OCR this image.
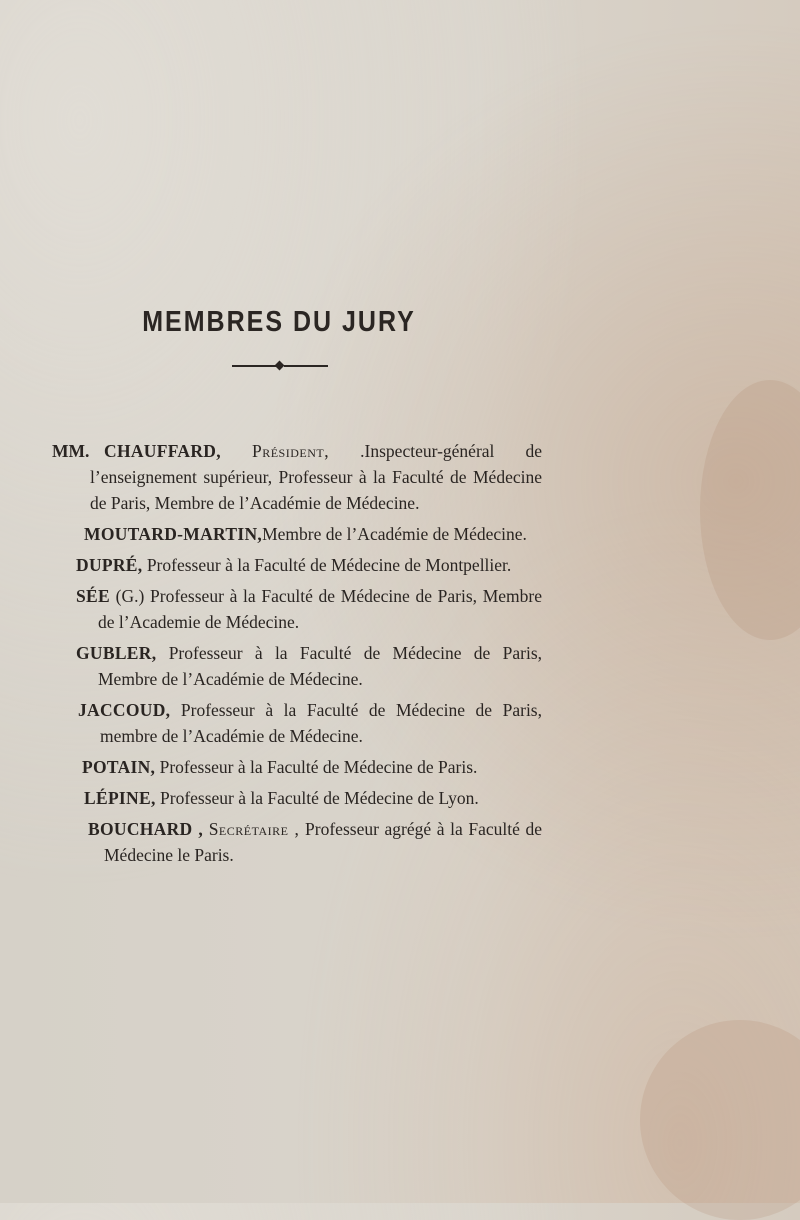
MEMBRES DU JURY
MM. CHAUFFARD, Président, .Inspecteur-général de l’enseignement supérieur, Professeur à la Faculté de Médecine de Paris, Membre de l’Académie de Médecine.
MOUTARD-MARTIN,Membre de l’Académie de Médecine.
DUPRÉ, Professeur à la Faculté de Médecine de Montpellier.
SÉE (G.) Professeur à la Faculté de Médecine de Paris, Membre de l’Academie de Médecine.
GUBLER, Professeur à la Faculté de Médecine de Paris, Membre de l’Académie de Médecine.
JACCOUD, Professeur à la Faculté de Médecine de Paris, membre de l’Académie de Médecine.
POTAIN, Professeur à la Faculté de Médecine de Paris.
LÉPINE, Professeur à la Faculté de Médecine de Lyon.
BOUCHARD , Secrétaire , Professeur agrégé à la Faculté de Médecine le Paris.
